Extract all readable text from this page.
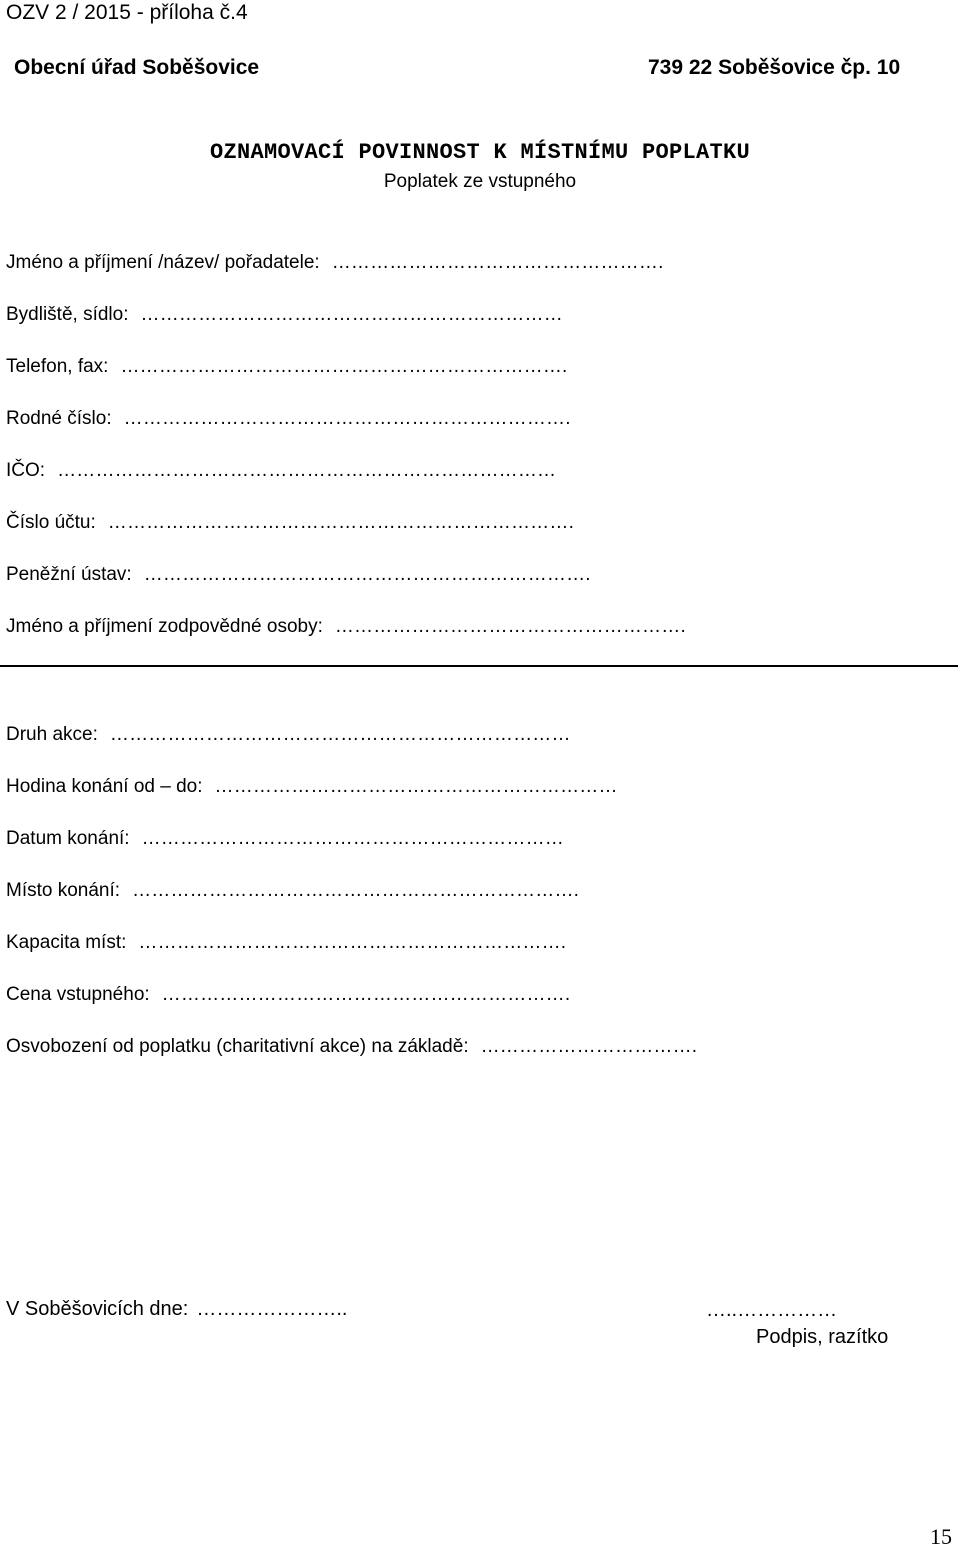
OZV 2 / 2015 - příloha č.4
Obecní úřad Soběšovice	739 22 Soběšovice čp. 10
OZNAMOVACÍ POVINNOST K MÍSTNÍMU POPLATKU
Poplatek ze vstupného
Jméno a příjmení /název/ pořadatele: …………………………………………….
Bydliště, sídlo: …………………………………………………………
Telefon, fax: …………………………………………………………….
Rodné číslo: …………………………………………………………….
IČO: ……………………………………………………………………
Číslo účtu: ……………………………………………………………….
Peněžní ústav: …………………………………………………………….
Jméno a příjmení zodpovědné osoby: ……………………………………………….
Druh akce: ………………………………………………………………
Hodina konání od – do: ………………………………………………………
Datum konání: …………………………………………………………
Místo konání: …………………………………………………………….
Kapacita míst: ………………………………………………………….
Cena vstupného: ……………………………………………………….
Osvobození od poplatku (charitativní akce) na základě: …………………………….
V Soběšovicích dne: …………………..	…..……………
Podpis, razítko
15
